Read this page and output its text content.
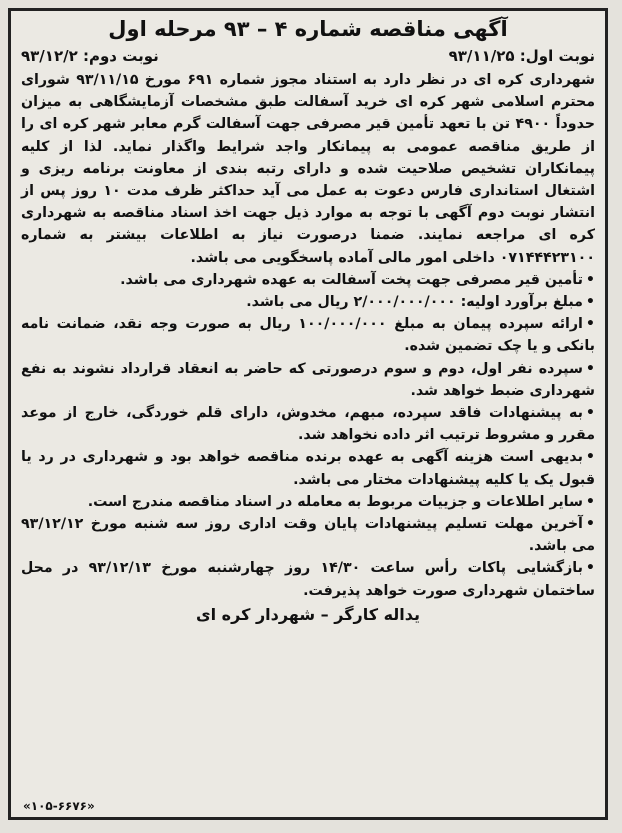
آگهی مناقصه شماره ۴ – ۹۳ مرحله اول
نوبت اول: ۹۳/۱۱/۲۵
نوبت دوم: ۹۳/۱۲/۲

شهرداری کره ای در نظر دارد به استناد مجوز شماره ۶۹۱ مورخ ۹۳/۱۱/۱۵ شورای محترم اسلامی شهر کره ای خرید آسفالت طبق مشخصات آزمایشگاهی به میزان حدوداً ۴۹۰۰ تن با تعهد تأمین قیر مصرفی جهت آسفالت گرم معابر شهر کره ای را از طریق مناقصه عمومی به پیمانکار واجد شرایط واگذار نماید. لذا از کلیه پیمانکاران تشخیص صلاحیت شده و دارای رتبه بندی از معاونت برنامه ریزی و اشتغال استانداری فارس دعوت به عمل می آید حداکثر ظرف مدت ۱۰ روز پس از انتشار نوبت دوم آگهی با توجه به موارد ذیل جهت اخذ اسناد مناقصه به شهرداری کره ای مراجعه نمایند. ضمنا درصورت نیاز به اطلاعات بیشتر به شماره ۰۷۱۴۴۴۲۳۱۰۰ داخلی امور مالی آماده پاسخگویی می باشد.

•تأمین قیر مصرفی جهت پخت آسفالت به عهده شهرداری می باشد.
•مبلغ برآورد اولیه: ۲/۰۰۰/۰۰۰/۰۰۰ ریال می باشد.
•ارائه سپرده پیمان به مبلغ ۱۰۰/۰۰۰/۰۰۰ ریال به صورت وجه نقد، ضمانت نامه بانکی و یا چک تضمین شده.
•سپرده نفر اول، دوم و سوم درصورتی که حاضر به انعقاد قرارداد نشوند به نفع شهرداری ضبط خواهد شد.
•به پیشنهادات فاقد سپرده، مبهم، مخدوش، دارای قلم خوردگی، خارج از موعد مقرر و مشروط ترتیب اثر داده نخواهد شد.
•بدیهی است هزینه آگهی به عهده برنده مناقصه خواهد بود و شهرداری در رد یا قبول یک یا کلیه پیشنهادات مختار می باشد.
•سایر اطلاعات و جزییات مربوط به معامله در اسناد مناقصه مندرج است.
•آخرین مهلت تسلیم پیشنهادات پایان وقت اداری روز سه شنبه مورخ ۹۳/۱۲/۱۲ می باشد.
•بازگشایی پاکات رأس ساعت ۱۴/۳۰ روز چهارشنبه مورخ ۹۳/۱۲/۱۳ در محل ساختمان شهرداری صورت خواهد پذیرفت.
یداله کارگر – شهردار کره ای
«۱۰۵-۶۶۷۶»
